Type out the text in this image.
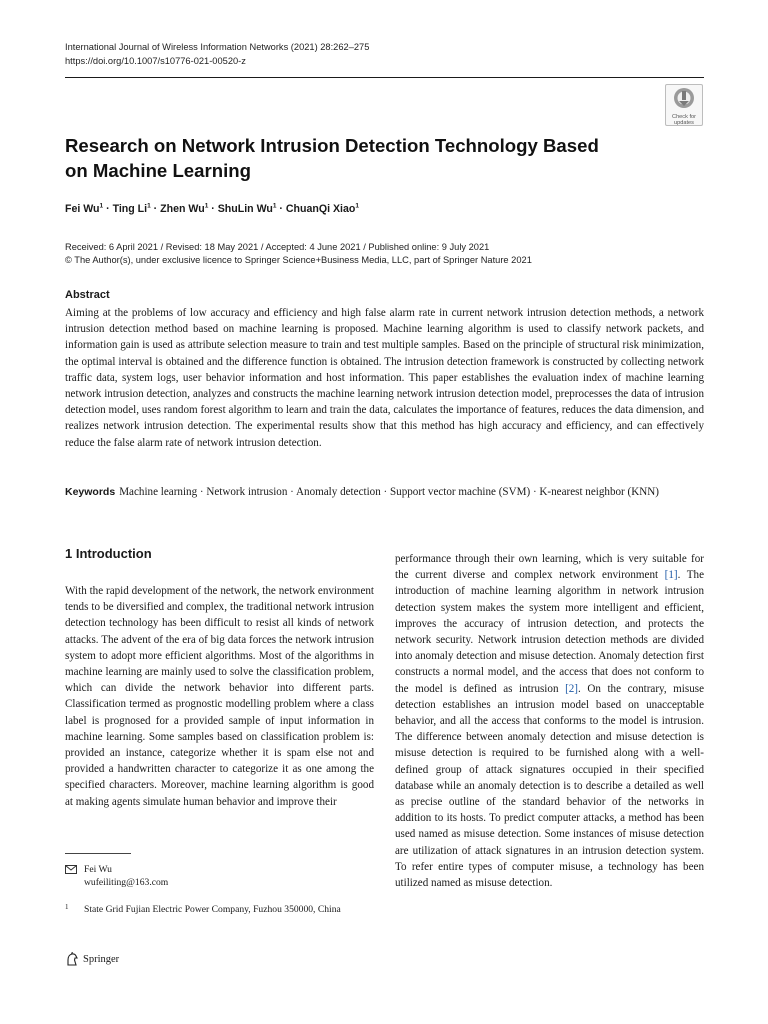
International Journal of Wireless Information Networks (2021) 28:262–275
https://doi.org/10.1007/s10776-021-00520-z
Check for
updates
Research on Network Intrusion Detection Technology Based on Machine Learning
Fei $Wu^1$ · Ting $Li^1$ · Zhen $Wu^1$ · ShuLin $Wu^1$ · ChuanQi Xiao$^1$
Received: 6 April 2021 / Revised: 18 May 2021 / Accepted: 4 June 2021 / Published online: 9 July 2021
© The Author(s), under exclusive licence to Springer Science+Business Media, LLC, part of Springer Nature 2021
Abstract
Aiming at the problems of low accuracy and efficiency and high false alarm rate in current network intrusion detection methods, a network intrusion detection method based on machine learning is proposed. Machine learning algorithm is used to classify network packets, and information gain is used as attribute selection measure to train and test multiple samples. Based on the principle of structural risk minimization, the optimal interval is obtained and the difference function is obtained. The intrusion detection framework is constructed by collecting network traffic data, system logs, user behavior information and host information. This paper establishes the evaluation index of machine learning network intrusion detection, analyzes and constructs the machine learning network intrusion detection model, preprocesses the data of intrusion detection model, uses random forest algorithm to learn and train the data, calculates the importance of features, reduces the data dimension, and realizes network intrusion detection. The experimental results show that this method has high accuracy and efficiency, and can effectively reduce the false alarm rate of network intrusion detection.
Keywords Machine learning · Network intrusion · Anomaly detection · Support vector machine (SVM) · K-nearest neighbor (KNN)
1 Introduction
With the rapid development of the network, the network environment tends to be diversified and complex, the traditional network intrusion detection technology has been difficult to resist all kinds of network attacks. The advent of the era of big data forces the network intrusion system to adopt more efficient algorithms. Most of the algorithms in machine learning are mainly used to solve the classification problem, which can divide the network behavior into different parts. Classification termed as prognostic modelling problem where a class label is prognosed for a provided sample of input information in machine learning. Some samples based on classification problem is: provided an instance, categorize whether it is spam else not and provided a handwritten character to categorize it as one among the specified characters. Moreover, machine learning algorithm is good at making agents simulate human behavior and improve their
performance through their own learning, which is very suitable for the current diverse and complex network environment [1]. The introduction of machine learning algorithm in network intrusion detection system makes the system more intelligent and efficient, improves the accuracy of intrusion detection, and protects the network security. Network intrusion detection methods are divided into anomaly detection and misuse detection. Anomaly detection first constructs a normal model, and the access that does not conform to the model is defined as intrusion [2]. On the contrary, misuse detection establishes an intrusion model based on unacceptable behavior, and all the access that conforms to the model is intrusion. The difference between anomaly detection and misuse detection is misuse detection is required to be furnished along with a well-defined group of attack signatures occupied in their specified database while an anomaly detection is to describe a detailed as well as precise outline of the standard behavior of the networks in addition to its hosts. To predict computer attacks, a method has been used named as misuse detection. Some instances of misuse detection are utilization of attack signatures in an intrusion detection system. To refer entire types of computer misuse, a technology has been utilized named as misuse detection.
Fei Wu
wufeiliting@163.com
1	State Grid Fujian Electric Power Company, Fuzhou 350000, China
Springer
